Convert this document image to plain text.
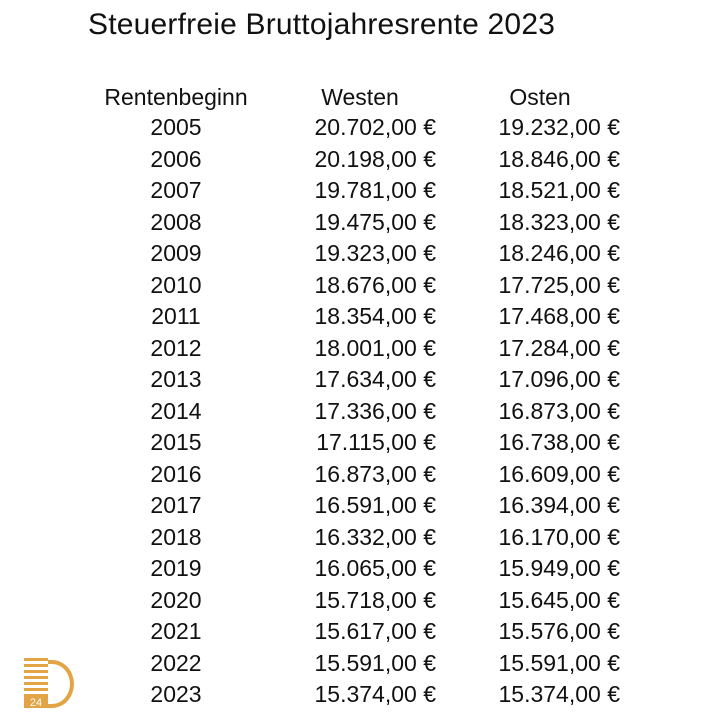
Steuerfreie Bruttojahresrente 2023
Rentenbeginn	Westen	Osten
2005	20.702,00 €	19.232,00 €
2006	20.198,00 €	18.846,00 €
2007	19.781,00 €	18.521,00 €
2008	19.475,00 €	18.323,00 €
2009	19.323,00 €	18.246,00 €
2010	18.676,00 €	17.725,00 €
2011	18.354,00 €	17.468,00 €
2012	18.001,00 €	17.284,00 €
2013	17.634,00 €	17.096,00 €
2014	17.336,00 €	16.873,00 €
2015	17.115,00 €	16.738,00 €
2016	16.873,00 €	16.609,00 €
2017	16.591,00 €	16.394,00 €
2018	16.332,00 €	16.170,00 €
2019	16.065,00 €	15.949,00 €
2020	15.718,00 €	15.645,00 €
2021	15.617,00 €	15.576,00 €
2022	15.591,00 €	15.591,00 €
2023	15.374,00 €	15.374,00 €
24
